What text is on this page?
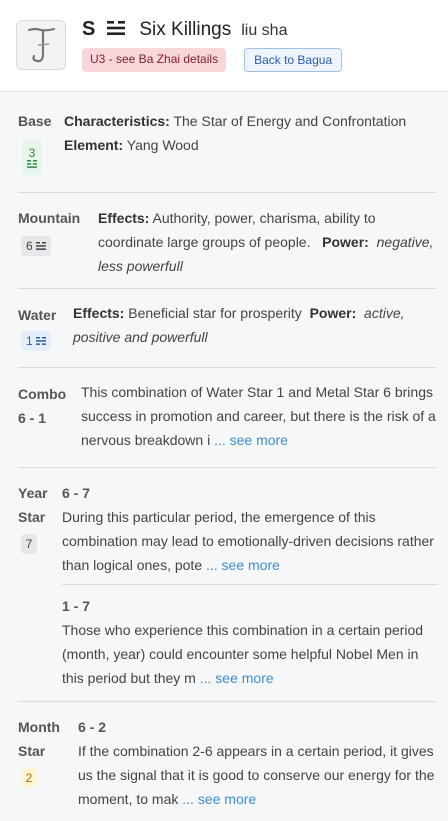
S Six Killings liu sha
U3 - see Ba Zhai details	Back to Bagua
Base
3
Characteristics: The Star of Energy and Confrontation
Element: Yang Wood
Mountain
6
Effects: Authority, power, charisma, ability to coordinate large groups of people. Power: negative, less powerfull
Water
1
Effects: Beneficial star for prosperity Power: active, positive and powerfull
Combo
6 - 1
This combination of Water Star 1 and Metal Star 6 brings success in promotion and career, but there is the risk of a nervous breakdown i ... see more
Year
Star
7
6 - 7
During this particular period, the emergence of this combination may lead to emotionally-driven decisions rather than logical ones, pote ... see more
1 - 7
Those who experience this combination in a certain period (month, year) could encounter some helpful Nobel Men in this period but they m ... see more
Month
Star
2
6 - 2
If the combination 2-6 appears in a certain period, it gives us the signal that it is good to conserve our energy for the moment, to mak ... see more
